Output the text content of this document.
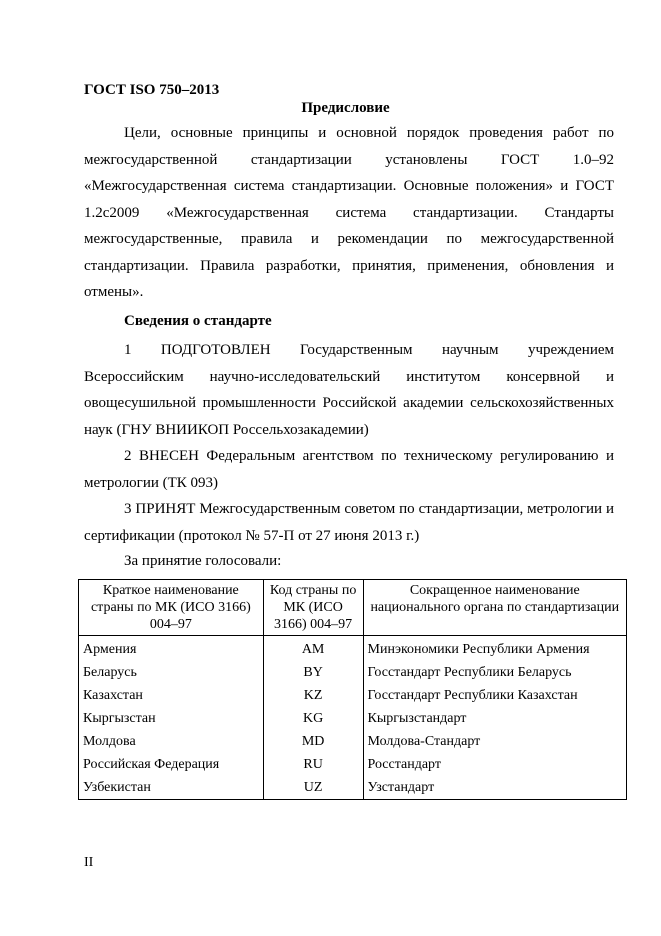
ГОСТ ISO 750–2013
Предисловие

Цели, основные принципы и основной порядок проведения работ по межгосударственной стандартизации установлены ГОСТ 1.0–92 «Межгосударственная система стандартизации. Основные положения» и ГОСТ 1.2c2009 «Межгосударственная система стандартизации. Стандарты межгосударственные, правила и рекомендации по межгосударственной стандартизации. Правила разработки, принятия, применения, обновления и отмены».

Сведения о стандарте

1 ПОДГОТОВЛЕН Государственным научным учреждением Всероссийским научно-исследовательский институтом консервной и овощесушильной промышленности Российской академии сельскохозяйственных наук (ГНУ ВНИИКОП Россельхозакадемии)

2 ВНЕСЕН Федеральным агентством по техническому регулированию и метрологии (ТК 093)

3 ПРИНЯТ Межгосударственным советом по стандартизации, метрологии и сертификации (протокол № 57-П от 27 июня 2013 г.)

За принятие голосовали:
Краткое наименование страны по МК (ИСО 3166) 004–97	Код страны по МК (ИСО 3166) 004–97	Сокращенное наименование национального органа по стандартизации
Армения	AM	Минэкономики Республики Армения
Беларусь	BY	Госстандарт Республики Беларусь
Казахстан	KZ	Госстандарт Республики Казахстан
Кыргызстан	KG	Кыргызстандарт
Молдова	MD	Молдова-Стандарт
Российская Федерация	RU	Росстандарт
Узбекистан	UZ	Узстандарт
II
